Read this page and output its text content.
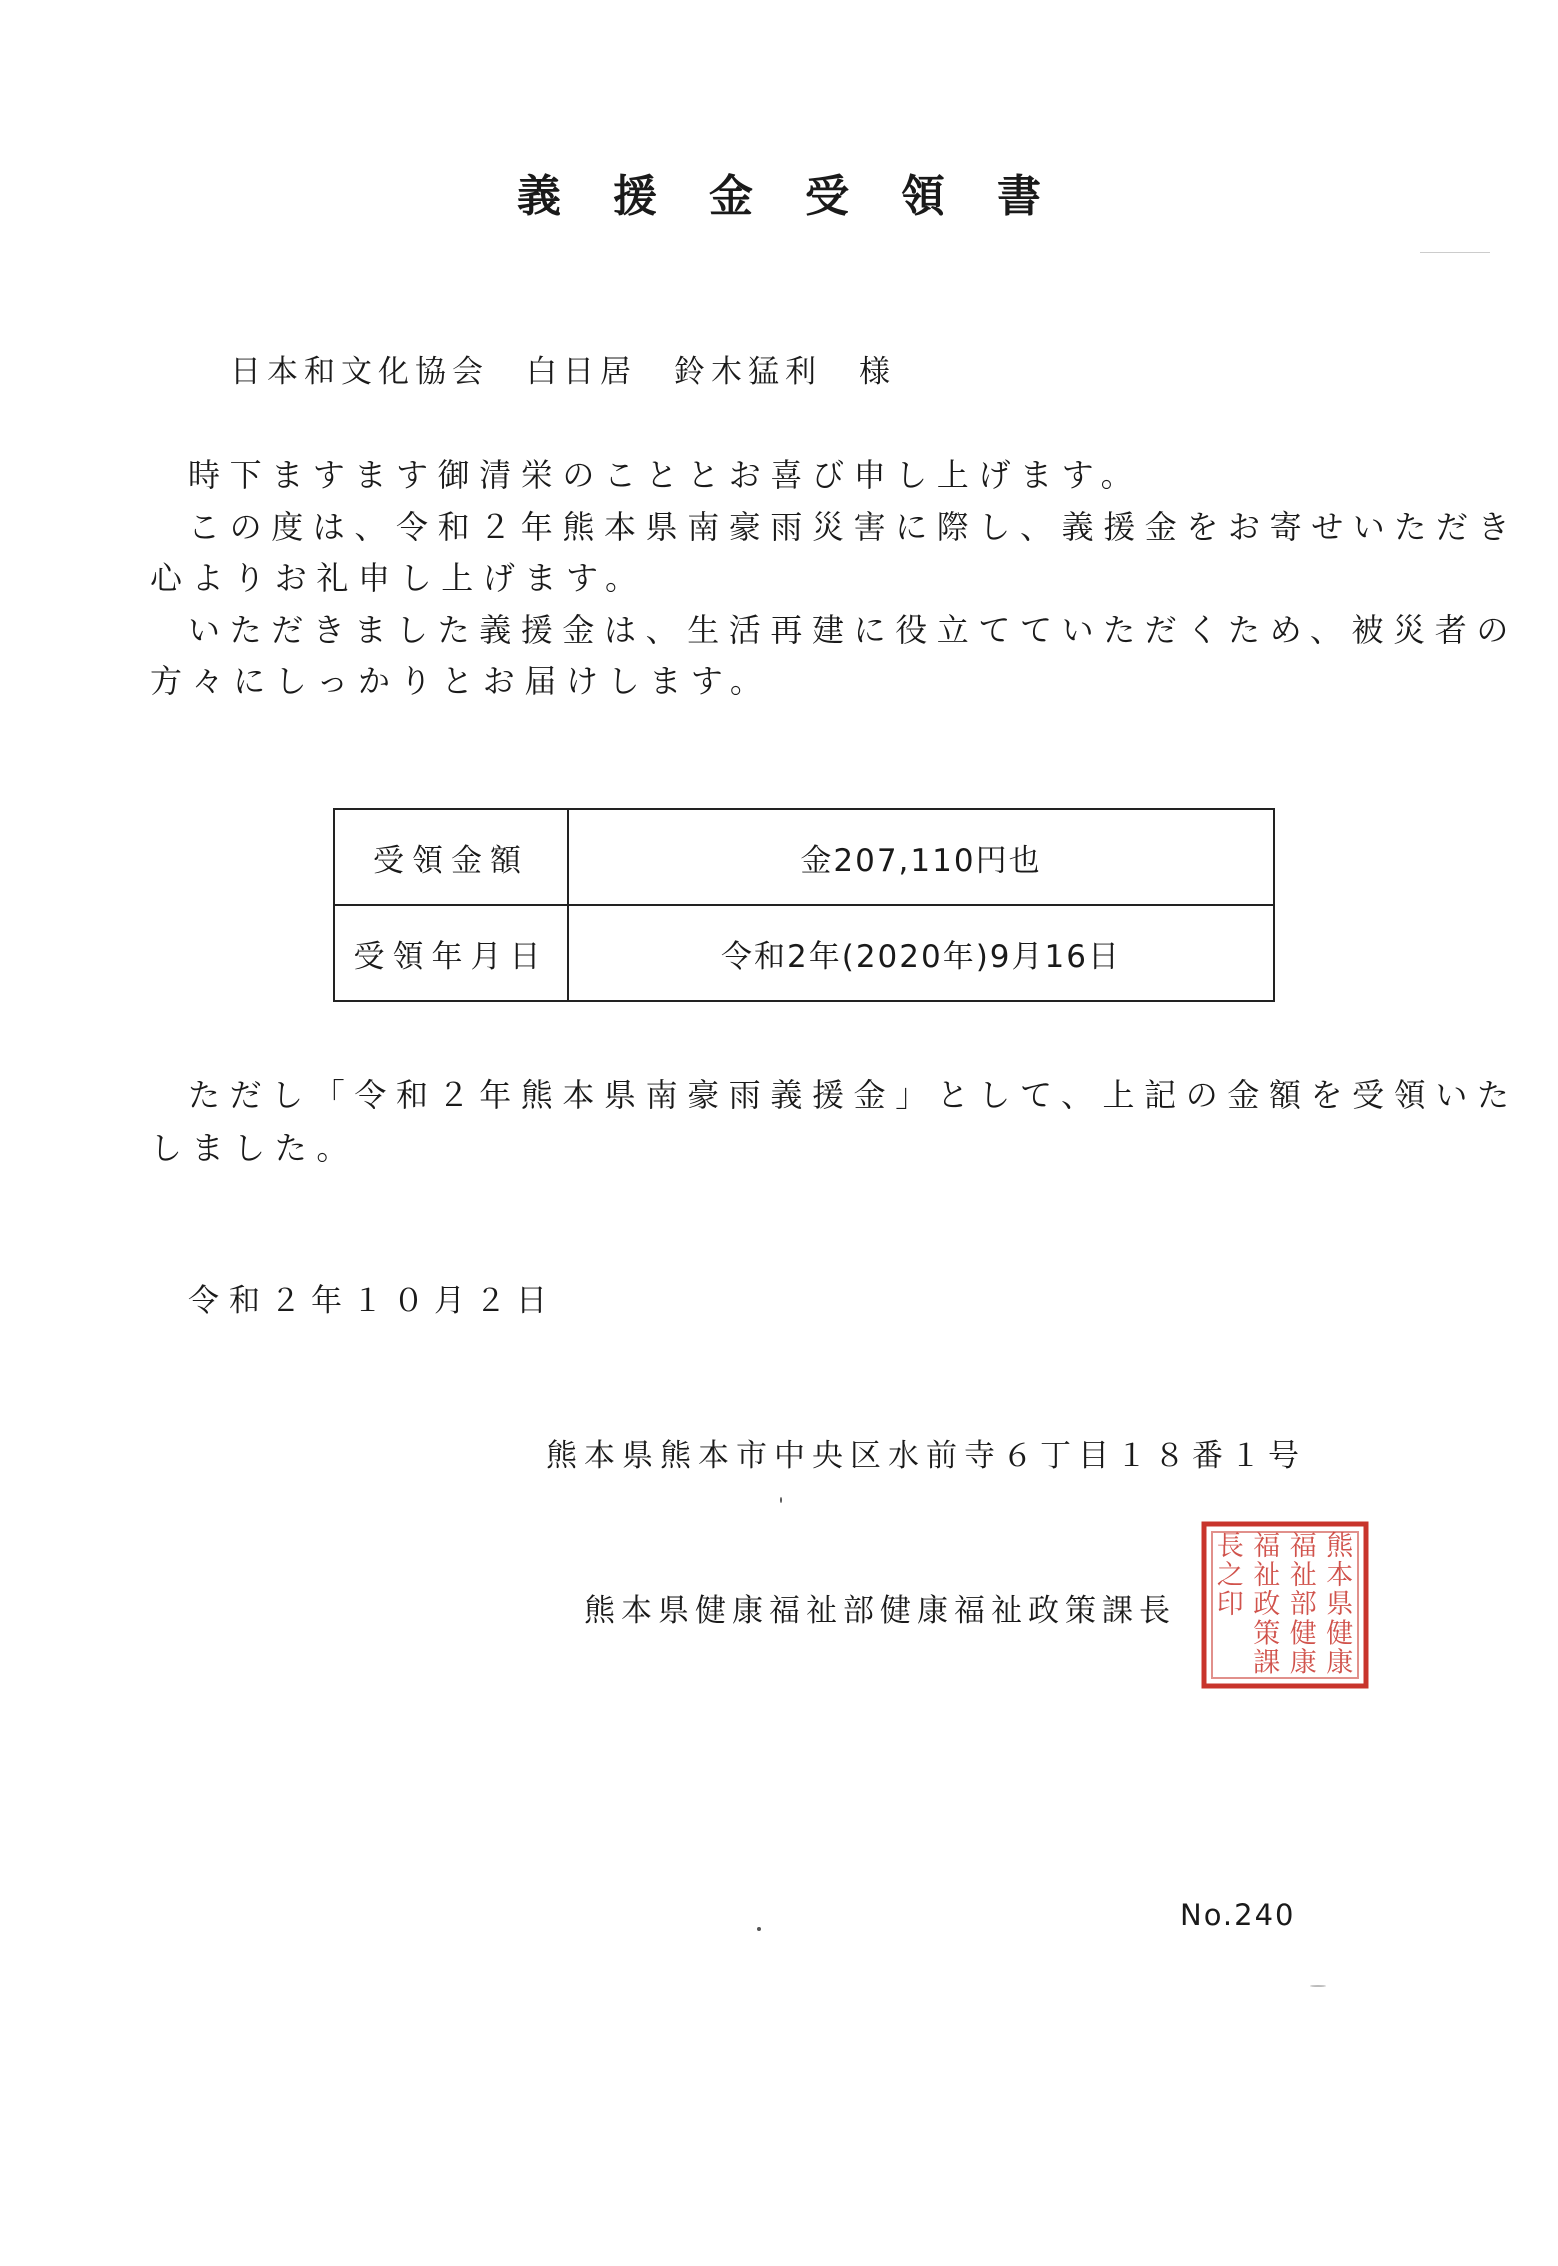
義援金受領書
日本和文化協会　白日居　鈴木猛利　様
時下ますます御清栄のこととお喜び申し上げます。
この度は、令和２年熊本県南豪雨災害に際し、義援金をお寄せいただき
心よりお礼申し上げます。
いただきました義援金は、生活再建に役立てていただくため、被災者の
方々にしっかりとお届けします。
受領金額	金207,110円也
受領年月日	令和2年(2020年)9月16日
ただし「令和２年熊本県南豪雨義援金」として、上記の金額を受領いた
しました。
令和２年１０月２日
熊本県熊本市中央区水前寺６丁目１８番１号
熊本県健康福祉部健康福祉政策課長
熊
本
県
健
康
福
祉
部
健
康
福
祉
政
策
課
長
之
印
No.240
